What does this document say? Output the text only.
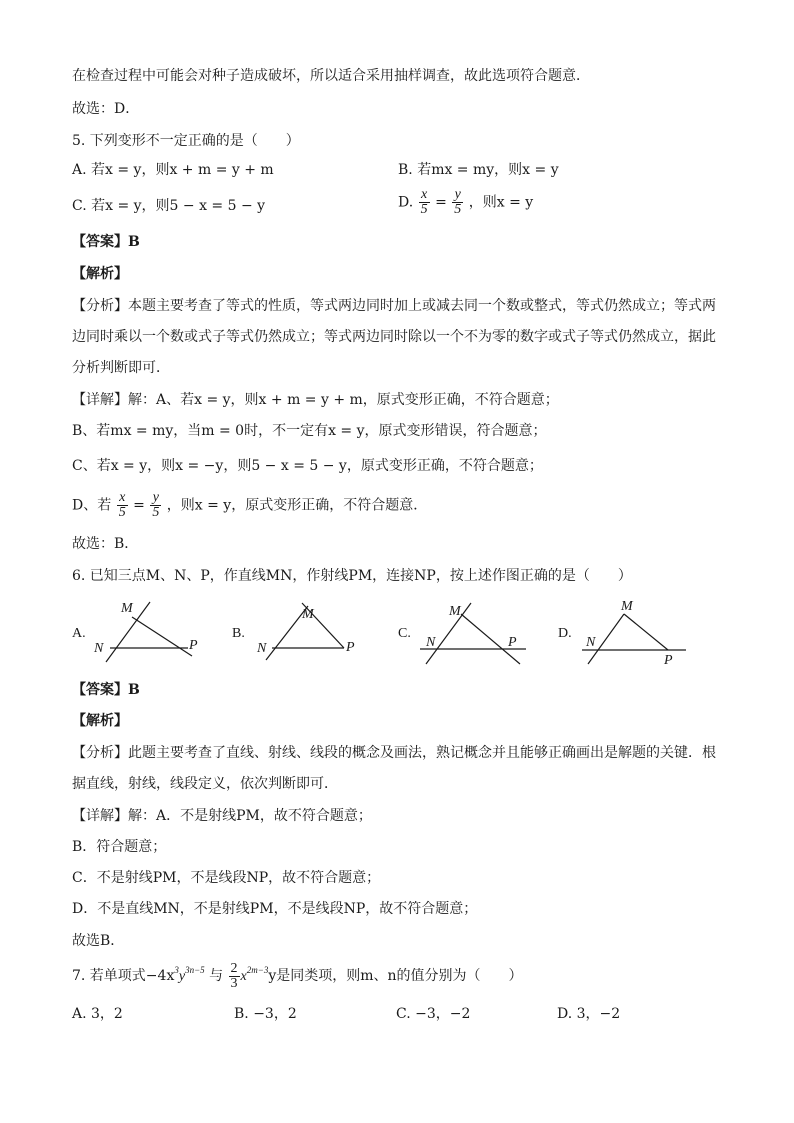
在检查过程中可能会对种子造成破坏，所以适合采用抽样调查，故此选项符合题意．
故选：D．
5. 下列变形不一定正确的是（　　）
A. 若x = y，则x + m = y + m	B. 若mx = my，则x = y
C. 若x = y，则5 − x = 5 − y	D. $\frac{x}{5} = \frac{y}{5}$ ，则x = y
【答案】B
【解析】
【分析】本题主要考查了等式的性质，等式两边同时加上或减去同一个数或整式，等式仍然成立；等式两
边同时乘以一个数或式子等式仍然成立；等式两边同时除以一个不为零的数字或式子等式仍然成立，据此
分析判断即可．
【详解】解：A、若x = y，则x + m = y + m，原式变形正确，不符合题意；
B、若mx = my，当m = 0时，不一定有x = y，原式变形错误，符合题意；
C、若x = y，则x = −y，则5 − x = 5 − y，原式变形正确，不符合题意；
D、若 $\frac{x}{5} = \frac{y}{5}$ ，则x = y，原式变形正确，不符合题意．
故选：B．
6. 已知三点M、N、P，作直线MN，作射线PM，连接NP，按上述作图正确的是（　　）
A.
M
N	P
B.
M
N	P
C.
M
N	P
D.
M
N
P
【答案】B
【解析】
【分析】此题主要考查了直线、射线、线段的概念及画法，熟记概念并且能够正确画出是解题的关键．根
据直线，射线，线段定义，依次判断即可．
【详解】解：A．不是射线PM，故不符合题意；
B．符合题意；
C．不是射线PM，不是线段NP，故不符合题意；
D．不是直线MN，不是射线PM，不是线段NP，故不符合题意；
故选B．
7. 若单项式$-4x^3y^{3n-5}$ 与 $\frac{2}{3} x^{2m-3}y$是同类项，则m、n的值分别为（　　）
A. 3，2	B. −3，2	C. −3，−2	D. 3，−2
